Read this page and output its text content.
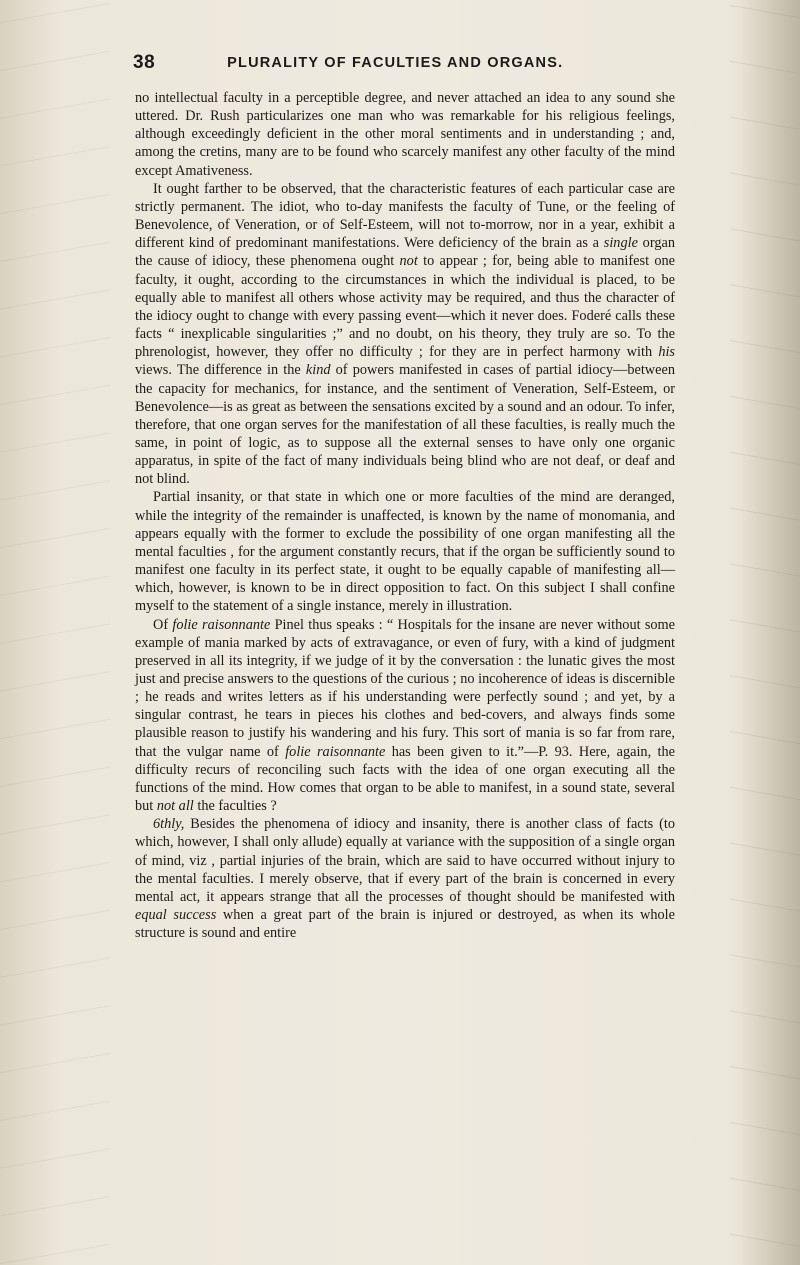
38	PLURALITY OF FACULTIES AND ORGANS.

no intellectual faculty in a perceptible degree, and never attached an idea to any sound she uttered. Dr. Rush particularizes one man who was remarkable for his religious feelings, although exceedingly deficient in the other moral sentiments and in understanding ; and, among the cretins, many are to be found who scarcely manifest any other faculty of the mind except Amativeness.

It ought farther to be observed, that the characteristic features of each particular case are strictly permanent. The idiot, who to-day manifests the faculty of Tune, or the feeling of Benevolence, of Veneration, or of Self-Esteem, will not to-morrow, nor in a year, exhibit a different kind of predominant manifestations. Were deficiency of the brain as a single organ the cause of idiocy, these phenomena ought not to appear ; for, being able to manifest one faculty, it ought, according to the circumstances in which the individual is placed, to be equally able to manifest all others whose activity may be required, and thus the character of the idiocy ought to change with every passing event—which it never does. Foderé calls these facts “ inexplicable singularities ;” and no doubt, on his theory, they truly are so. To the phrenologist, however, they offer no difficulty ; for they are in perfect harmony with his views. The difference in the kind of powers manifested in cases of partial idiocy—between the capacity for mechanics, for instance, and the sentiment of Veneration, Self-Esteem, or Benevolence—is as great as between the sensations excited by a sound and an odour. To infer, therefore, that one organ serves for the manifestation of all these faculties, is really much the same, in point of logic, as to suppose all the external senses to have only one organic apparatus, in spite of the fact of many individuals being blind who are not deaf, or deaf and not blind.

Partial insanity, or that state in which one or more faculties of the mind are deranged, while the integrity of the remainder is unaffected, is known by the name of monomania, and appears equally with the former to exclude the possibility of one organ manifesting all the mental faculties , for the argument constantly recurs, that if the organ be sufficiently sound to manifest one faculty in its perfect state, it ought to be equally capable of manifesting all—which, however, is known to be in direct opposition to fact. On this subject I shall confine myself to the statement of a single instance, merely in illustration.

Of folie raisonnante Pinel thus speaks : “ Hospitals for the insane are never without some example of mania marked by acts of extravagance, or even of fury, with a kind of judgment preserved in all its integrity, if we judge of it by the conversation : the lunatic gives the most just and precise answers to the questions of the curious ; no incoherence of ideas is discernible ; he reads and writes letters as if his understanding were perfectly sound ; and yet, by a singular contrast, he tears in pieces his clothes and bed-covers, and always finds some plausible reason to justify his wandering and his fury. This sort of mania is so far from rare, that the vulgar name of folie raisonnante has been given to it.”—P. 93. Here, again, the difficulty recurs of reconciling such facts with the idea of one organ executing all the functions of the mind. How comes that organ to be able to manifest, in a sound state, several but not all the faculties ?

6thly, Besides the phenomena of idiocy and insanity, there is another class of facts (to which, however, I shall only allude) equally at variance with the supposition of a single organ of mind, viz , partial injuries of the brain, which are said to have occurred without injury to the mental faculties. I merely observe, that if every part of the brain is concerned in every mental act, it appears strange that all the processes of thought should be manifested with equal success when a great part of the brain is injured or destroyed, as when its whole structure is sound and entire
